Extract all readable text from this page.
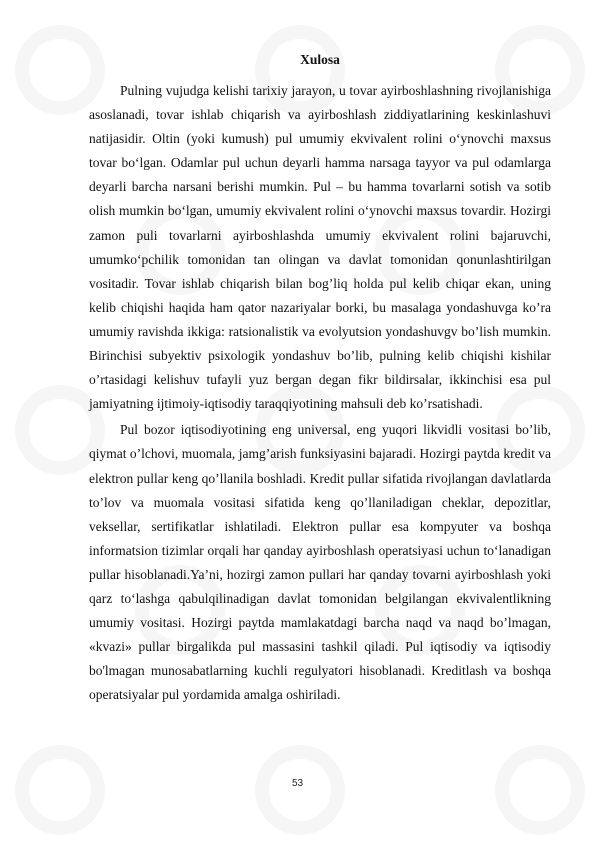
Xulosa

Pulning vujudga kelishi tarixiy jarayon, u tovar ayirboshlashning rivojlanishiga asoslanadi, tovar ishlab chiqarish va ayirboshlash ziddiyatlarining keskinlashuvi natijasidir. Oltin (yoki kumush) pul umumiy ekvivalent rolini o‘ynovchi maxsus tovar bo‘lgan. Odamlar pul uchun deyarli hamma narsaga tayyor va pul odamlarga deyarli barcha narsani berishi mumkin. Pul – bu hamma tovarlarni sotish va sotib olish mumkin bo‘lgan, umumiy ekvivalent rolini o‘ynovchi maxsus tovardir. Hozirgi zamon puli tovarlarni ayirboshlashda umumiy ekvivalent rolini bajaruvchi, umumko‘pchilik tomonidan tan olingan va davlat tomonidan qonunlashtirilgan vositadir. Tovar ishlab chiqarish bilan bog’liq holda pul kelib chiqar ekan, uning kelib chiqishi haqida ham qator nazariyalar borki, bu masalaga yondashuvga ko’ra umumiy ravishda ikkiga: ratsionalistik va evolyutsion yondashuvgv bo’lish mumkin. Birinchisi subyektiv psixologik yondashuv bo’lib, pulning kelib chiqishi kishilar o’rtasidagi kelishuv tufayli yuz bergan degan fikr bildirsalar, ikkinchisi esa pul jamiyatning ijtimoiy-iqtisodiy taraqqiyotining mahsuli deb ko’rsatishadi.

Pul bozor iqtisodiyotining eng universal, eng yuqori likvidli vositasi bo’lib, qiymat o’lchovi, muomala, jamg’arish funksiyasini bajaradi. Hozirgi paytda kredit va elektron pullar keng qo’llanila boshladi. Kredit pullar sifatida rivojlangan davlatlarda to’lov va muomala vositasi sifatida keng qo’llaniladigan cheklar, depozitlar, veksellar, sertifikatlar ishlatiladi. Elektron pullar esa kompyuter va boshqa informatsion tizimlar orqali har qanday ayirboshlash operatsiyasi uchun to‘lanadigan pullar hisoblanadi.Ya’ni, hozirgi zamon pullari har qanday tovarni ayirboshlash yoki qarz to‘lashga qabulqilinadigan davlat tomonidan belgilangan ekvivalentlikning umumiy vositasi. Hozirgi paytda mamlakatdagi barcha naqd va naqd bo’lmagan, «kvazi» pullar birgalikda pul massasini tashkil qiladi. Pul iqtisodiy va iqtisodiy bo'lmagan munosabatlarning kuchli regulyatori hisoblanadi. Kreditlash va boshqa operatsiyalar pul yordamida amalga oshiriladi.

53
